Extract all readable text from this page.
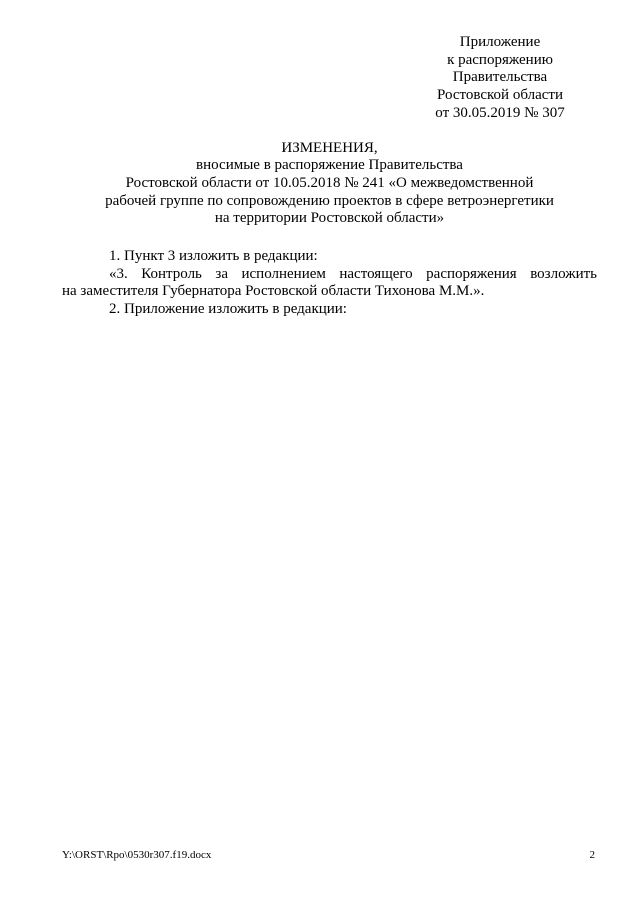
Приложение
к распоряжению
Правительства
Ростовской области
от 30.05.2019 № 307
ИЗМЕНЕНИЯ,
вносимые в распоряжение Правительства
Ростовской области от 10.05.2018 № 241 «О межведомственной
рабочей группе по сопровождению проектов в сфере ветроэнергетики
на территории Ростовской области»

1. Пункт 3 изложить в редакции:

«3. Контроль за исполнением настоящего распоряжения возложить

на заместителя Губернатора Ростовской области Тихонова М.М.».

2. Приложение изложить в редакции:

Y:\ORST\Rpo\0530r307.f19.docx	2
